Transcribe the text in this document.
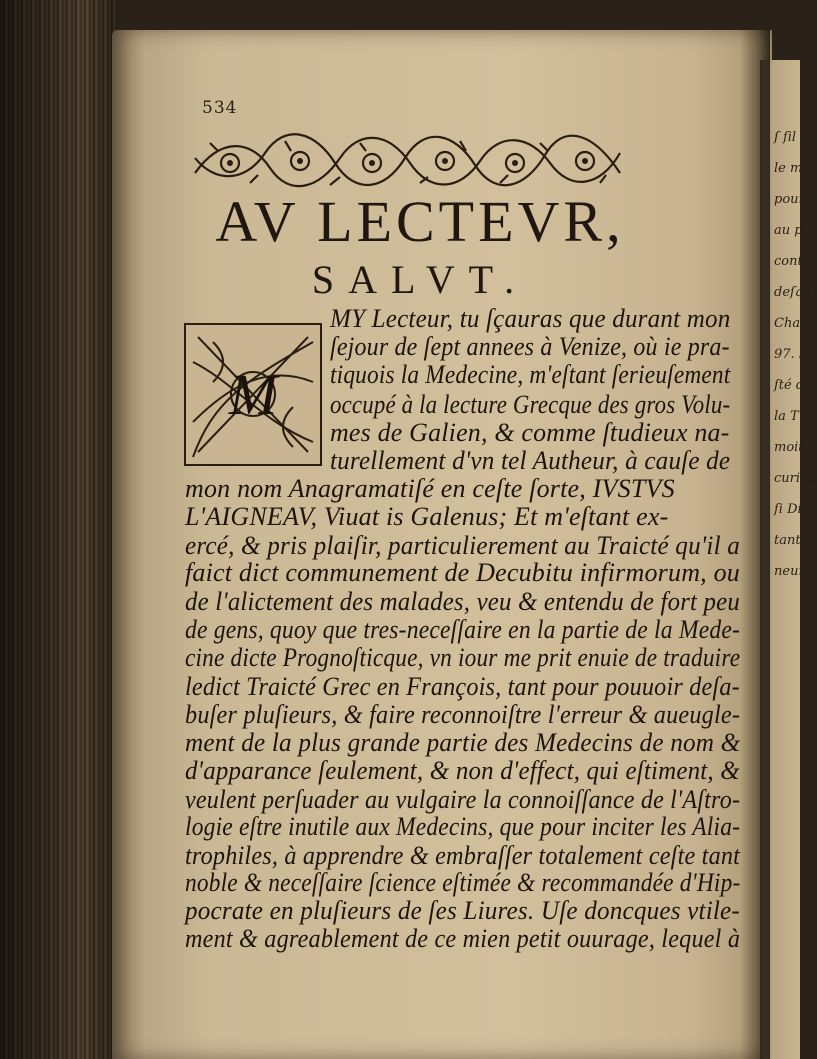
ſ ſil
le me
pour
au p
contre
deſqu
Chap
97. li
ſté di
la T
moit
curieu
ſi Die
tant d
neur
534
AV LECTEVR,
SALVT.
M
MY Lecteur, tu ſçauras que durant mon
ſejour de ſept annees à Venize, où ie pra-
tiquois la Medecine, m'eſtant ſerieuſement
occupé à la lecture Grecque des gros Volu-
mes de Galien, & comme ſtudieux na-
turellement d'vn tel Autheur, à cauſe de
mon nom Anagramatiſé en ceſte ſorte, IVSTVS
L'AIGNEAV, Viuat is Galenus; Et m'eſtant ex-
ercé, & pris plaiſir, particulierement au Traicté qu'il a
faict dict communement de Decubitu infirmorum, ou
de l'alictement des malades, veu & entendu de fort peu
de gens, quoy que tres-neceſſaire en la partie de la Mede-
cine dicte Prognoſticque, vn iour me prit enuie de traduire
ledict Traicté Grec en François, tant pour pouuoir deſa-
buſer pluſieurs, & faire reconnoiſtre l'erreur & aueugle-
ment de la plus grande partie des Medecins de nom &
d'apparance ſeulement, & non d'effect, qui eſtiment, &
veulent perſuader au vulgaire la connoiſſance de l'Aſtro-
logie eſtre inutile aux Medecins, que pour inciter les Alia-
trophiles, à apprendre & embraſſer totalement ceſte tant
noble & neceſſaire ſcience eſtimée & recommandée d'Hip-
pocrate en pluſieurs de ſes Liures. Uſe doncques vtile-
ment & agreablement de ce mien petit ouurage, lequel à
